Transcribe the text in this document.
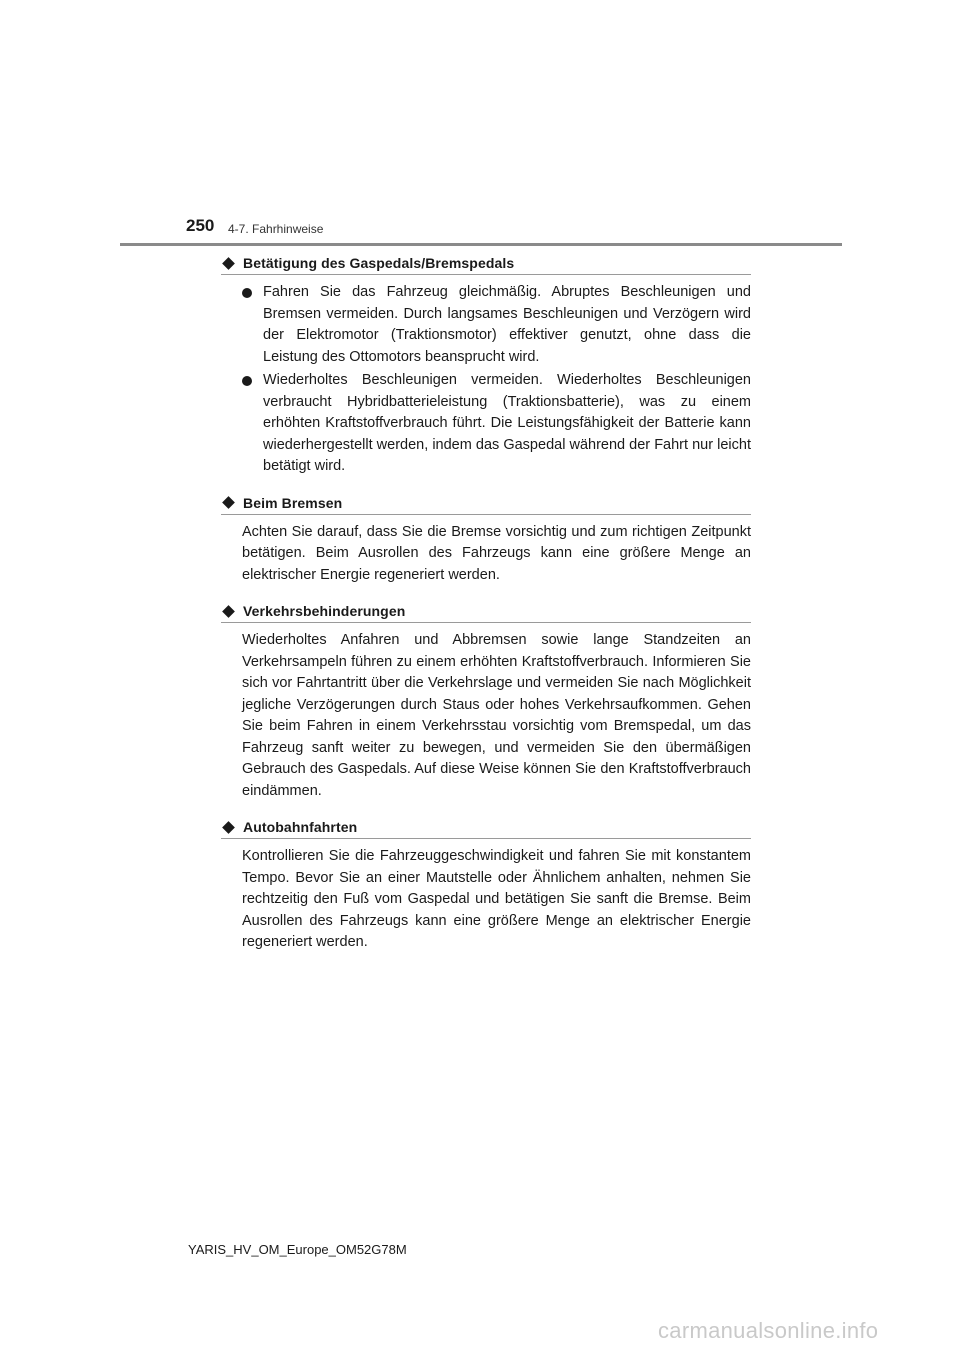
250 4-7. Fahrhinweise
Betätigung des Gaspedals/Bremspedals
Fahren Sie das Fahrzeug gleichmäßig. Abruptes Beschleunigen und Bremsen vermeiden. Durch langsames Beschleunigen und Verzögern wird der Elektromotor (Traktionsmotor) effektiver genutzt, ohne dass die Leistung des Ottomotors beansprucht wird.
Wiederholtes Beschleunigen vermeiden. Wiederholtes Beschleunigen verbraucht Hybridbatterieleistung (Traktionsbatterie), was zu einem erhöhten Kraftstoffverbrauch führt. Die Leistungsfähigkeit der Batterie kann wiederhergestellt werden, indem das Gaspedal während der Fahrt nur leicht betätigt wird.
Beim Bremsen

Achten Sie darauf, dass Sie die Bremse vorsichtig und zum richtigen Zeitpunkt betätigen. Beim Ausrollen des Fahrzeugs kann eine größere Menge an elektrischer Energie regeneriert werden.

Verkehrsbehinderungen

Wiederholtes Anfahren und Abbremsen sowie lange Standzeiten an Verkehrsampeln führen zu einem erhöhten Kraftstoffverbrauch. Informieren Sie sich vor Fahrtantritt über die Verkehrslage und vermeiden Sie nach Möglichkeit jegliche Verzögerungen durch Staus oder hohes Verkehrsaufkommen. Gehen Sie beim Fahren in einem Verkehrsstau vorsichtig vom Bremspedal, um das Fahrzeug sanft weiter zu bewegen, und vermeiden Sie den übermäßigen Gebrauch des Gaspedals. Auf diese Weise können Sie den Kraftstoffverbrauch eindämmen.

Autobahnfahrten

Kontrollieren Sie die Fahrzeuggeschwindigkeit und fahren Sie mit konstantem Tempo. Bevor Sie an einer Mautstelle oder Ähnlichem anhalten, nehmen Sie rechtzeitig den Fuß vom Gaspedal und betätigen Sie sanft die Bremse. Beim Ausrollen des Fahrzeugs kann eine größere Menge an elektrischer Energie regeneriert werden.

YARIS_HV_OM_Europe_OM52G78M
carmanualsonline.info
